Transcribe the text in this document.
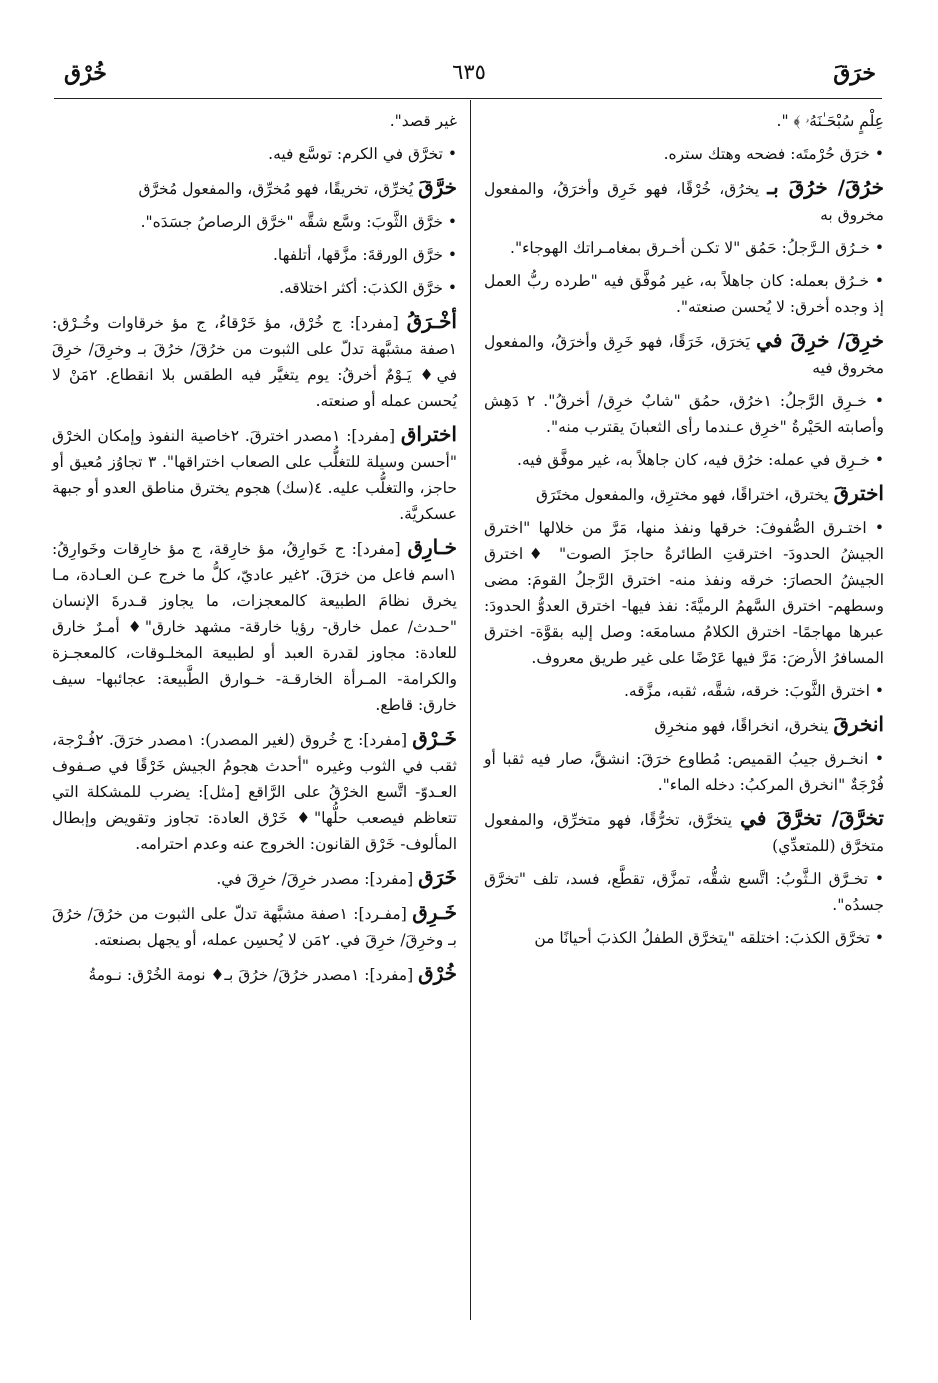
خرَقَ
٦٣٥
خُرْق

عِلْمٍ سُبْحَـٰنَهُۥ ﴾ ".

• خرَق حُرْمتَه: فضحه وهتك ستره.

خرُقَ/ خرُقَ بـ يخرُق، خُرْقًا، فهو خَرِق وأخرَقُ، والمفعول مخروق به

• خـرُق الـرَّجلُ: حَمُق "لا تكـن أخـرق بمغامـراتك الهوجاء".

• خـرُق بعمله: كان جاهلاً به، غير مُوفَّق فيه "طرده ربُّ العمل إذ وجده أخرق: لا يُحسن صنعته".

خرِقَ/ خرِقَ في يَخرَق، خَرَقًا، فهو خَرِق وأخرَقُ، والمفعول مخروق فيه

• خـرِق الرَّجلُ: ١خرُق، حمُق "شابٌ خرِق/ أخرقُ". ٢ دَهِش وأصابته الحَيْرةُ "خرِق عـندما رأى الثعبانَ يقترب منه".

• خـرِق في عمله: خرُق فيه، كان جاهلاً به، غير موفَّق فيه.

اخترقَ يخترق، اختراقًا، فهو مخترِق، والمفعول مختَرَق

• اختـرق الصُّفوفَ: خرقها ونفذ منها، مَرَّ من خلالها "اخترق الجيشُ الحدودَ- اخترقتِ الطائرةُ حاجزَ الصوت" ♦اخترق الجيشُ الحصارَ: خرقه ونفذ منه- اخترق الرَّجلُ القومَ: مضى وسطهم- اخترق السَّهمُ الرميَّةَ: نفذ فيها- اخترق العدوُّ الحدودَ: عبرها مهاجمًا- اخترق الكلامُ مسامعَه: وصل إليه بقوَّة- اخترق المسافرُ الأرضَ: مَرَّ فيها عَرْضًا على غير طريق معروف.

• اخترق الثَّوبَ: خرقه، شقَّه، ثقبه، مزَّقه.

انخرقَ ينخرق، انخراقًا، فهو منخرِق

• انخـرق جيبُ القميص: مُطاوع خرَقَ: انشقَّ، صار فيه ثقبا أو فُرْجَةٌ "انخرق المركبُ: دخله الماء".

تخرَّقَ/ تخرَّقَ في يتخرَّق، تخرُّقًا، فهو متخرِّق، والمفعول متخرَّق (للمتعدِّي)

• تخـرَّق الـثَّوبُ: اتَّسع شقُّه، تمزَّق، تقطَّع، فسد، تلف "تخرَّق جسدُه".

• تخرَّق الكذبَ: اختلقه "يتخرَّق الطفلُ الكذبَ أحيانًا من

غير قصد".

• تخرَّق في الكرم: توسَّع فيه.

خرَّقَ يُخرِّق، تخريقًا، فهو مُخرِّق، والمفعول مُخرَّق

• خرَّق الثَّوبَ: وسَّع شقَّه "خرَّق الرصاصُ جسَدَه".

• خرَّق الورقةَ: مزَّقها، أتلفها.

• خرَّق الكذبَ: أكثر اختلاقه.

أخْـرَقُ [مفرد]: ج خُرْق، مؤ خَرْقاءُ، ج مؤ خرقاوات وخُـرْق: ١صفة مشبَّهة تدلّ على الثبوت من خرُقَ/ خرُقَ بـ وخرِقَ/ خرِقَ في♦ يَـوْمٌ أخرقُ: يوم يتغيَّر فيه الطقس بلا انقطاع. ٢مَنْ لا يُحسن عمله أو صنعته.

اختراق [مفرد]: ١مصدر اخترقَ. ٢خاصية النفوذ وإمكان الخرْق "أحسن وسيلة للتغلُّب على الصعاب اختراقها". ٣ تجاوُز مُعيق أو حاجز، والتغلُّب عليه. ٤(سك) هجوم يخترق مناطق العدو أو جبهة عسكريَّة.

خـارِق [مفرد]: ج خَوارِقُ، مؤ خارِقة، ج مؤ خارِقات وخَوارِقُ: ١اسم فاعل من خرَقَ. ٢غير عاديّ، كلُّ ما خرج عـن العـادة، مـا يخرق نظامَ الطبيعة كالمعجزات، ما يجاوز قـدرةَ الإنسان "حـدث/ عمل خارق- رؤيا خارقة- مشهد خارق"♦ أمـرٌ خارق للعادة: مجاوز لقدرة العبد أو لطبيعة المخلـوقات، كالمعجـزة والكرامة- المـرأة الخارقـة- خـوارق الطَّبيعة: عجائبها- سيف خارق: قاطع.

خَـرْق [مفرد]: ج خُروق (لغير المصدر): ١مصدر خرَقَ. ٢فُـرْجة، ثقب في الثوب وغيره "أحدث هجومُ الجيش خَرْقًا في صـفوف العـدوّ- اتَّسع الخرْقُ على الرَّاقع [مثل]: يضرب للمشكلة التي تتعاظم فيصعب حلُّها"♦ خَرْق العادة: تجاوز وتقويض وإبطال المألوف- خَرْق القانون: الخروج عنه وعدم احترامه.

خَرَق [مفرد]: مصدر خرِقَ/ خرِقَ في.

خَـرِق [مفـرد]: ١صفة مشبَّهة تدلّ على الثبوت من خرُقَ/ خرُقَ بـ وخرِقَ/ خرِقَ في. ٢مَن لا يُحسِن عمله، أو يجهل بصنعته.

خُرْق [مفرد]: ١مصدر خرُقَ/ خرُقَ بـ♦ نومة الخُرْق: نـومةُ
